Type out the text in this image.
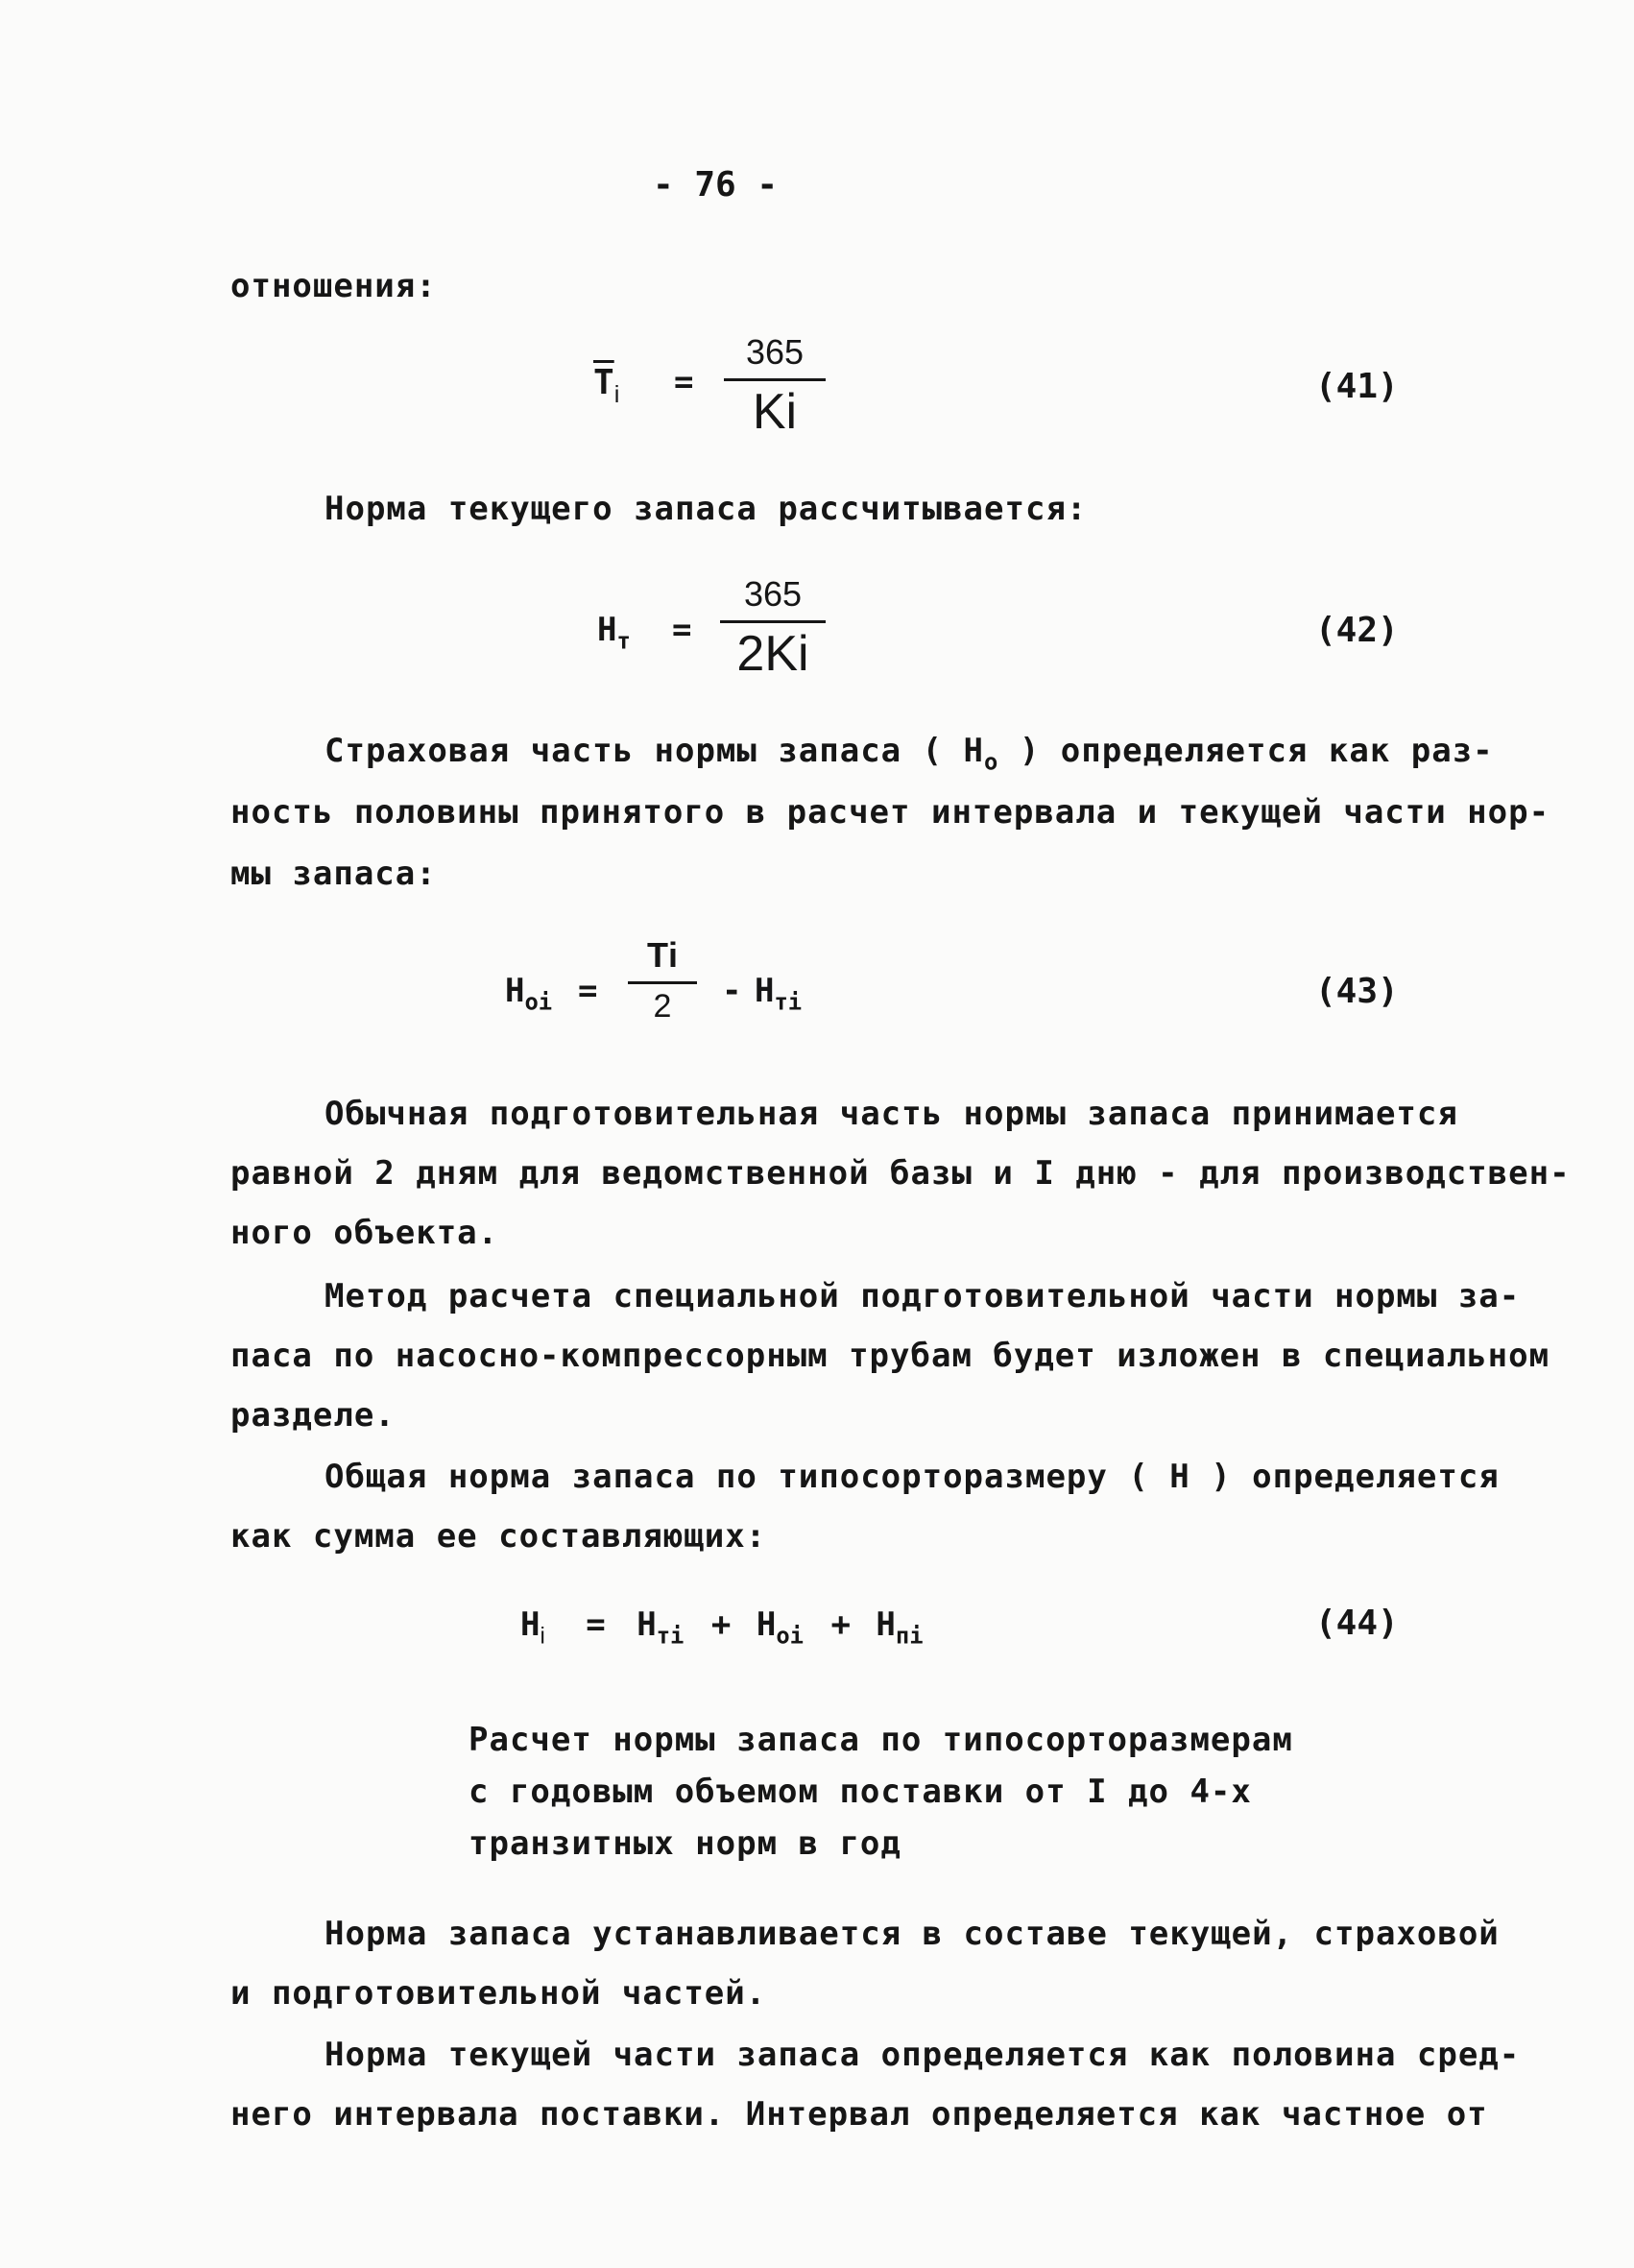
- 76 -
отношения:
$Т_i$ =
365
Ki	(41)
Норма текущего запаса рассчитывается:
$Н_т$ =
365
2Ki	(42)
Страховая часть нормы запаса ( $Н_о$ ) определяется как раз-
ность половины принятого в расчет интервала и текущей части нор-
мы запаса:
$Н_{оi}$ =
Тi
2	- $Н_{тi}$	(43)
Обычная подготовительная часть нормы запаса принимается
равной 2 дням для ведомственной базы и I дню - для производствен-
ного объекта.
Метод расчета специальной подготовительной части нормы за-
паса по насосно-компрессорным трубам будет изложен в специальном
разделе.
Общая норма запаса по типосорторазмеру ( Н ) определяется
как сумма ее составляющих:
$Н_i = Н_{тi} + Н_{оi} + Н_{пi}$	(44)
Расчет нормы запаса по типосорторазмерам
с годовым объемом поставки от I до 4-х
транзитных норм в год
Норма запаса устанавливается в составе текущей, страховой
и подготовительной частей.
Норма текущей части запаса определяется как половина сред-
него интервала поставки. Интервал определяется как частное от
